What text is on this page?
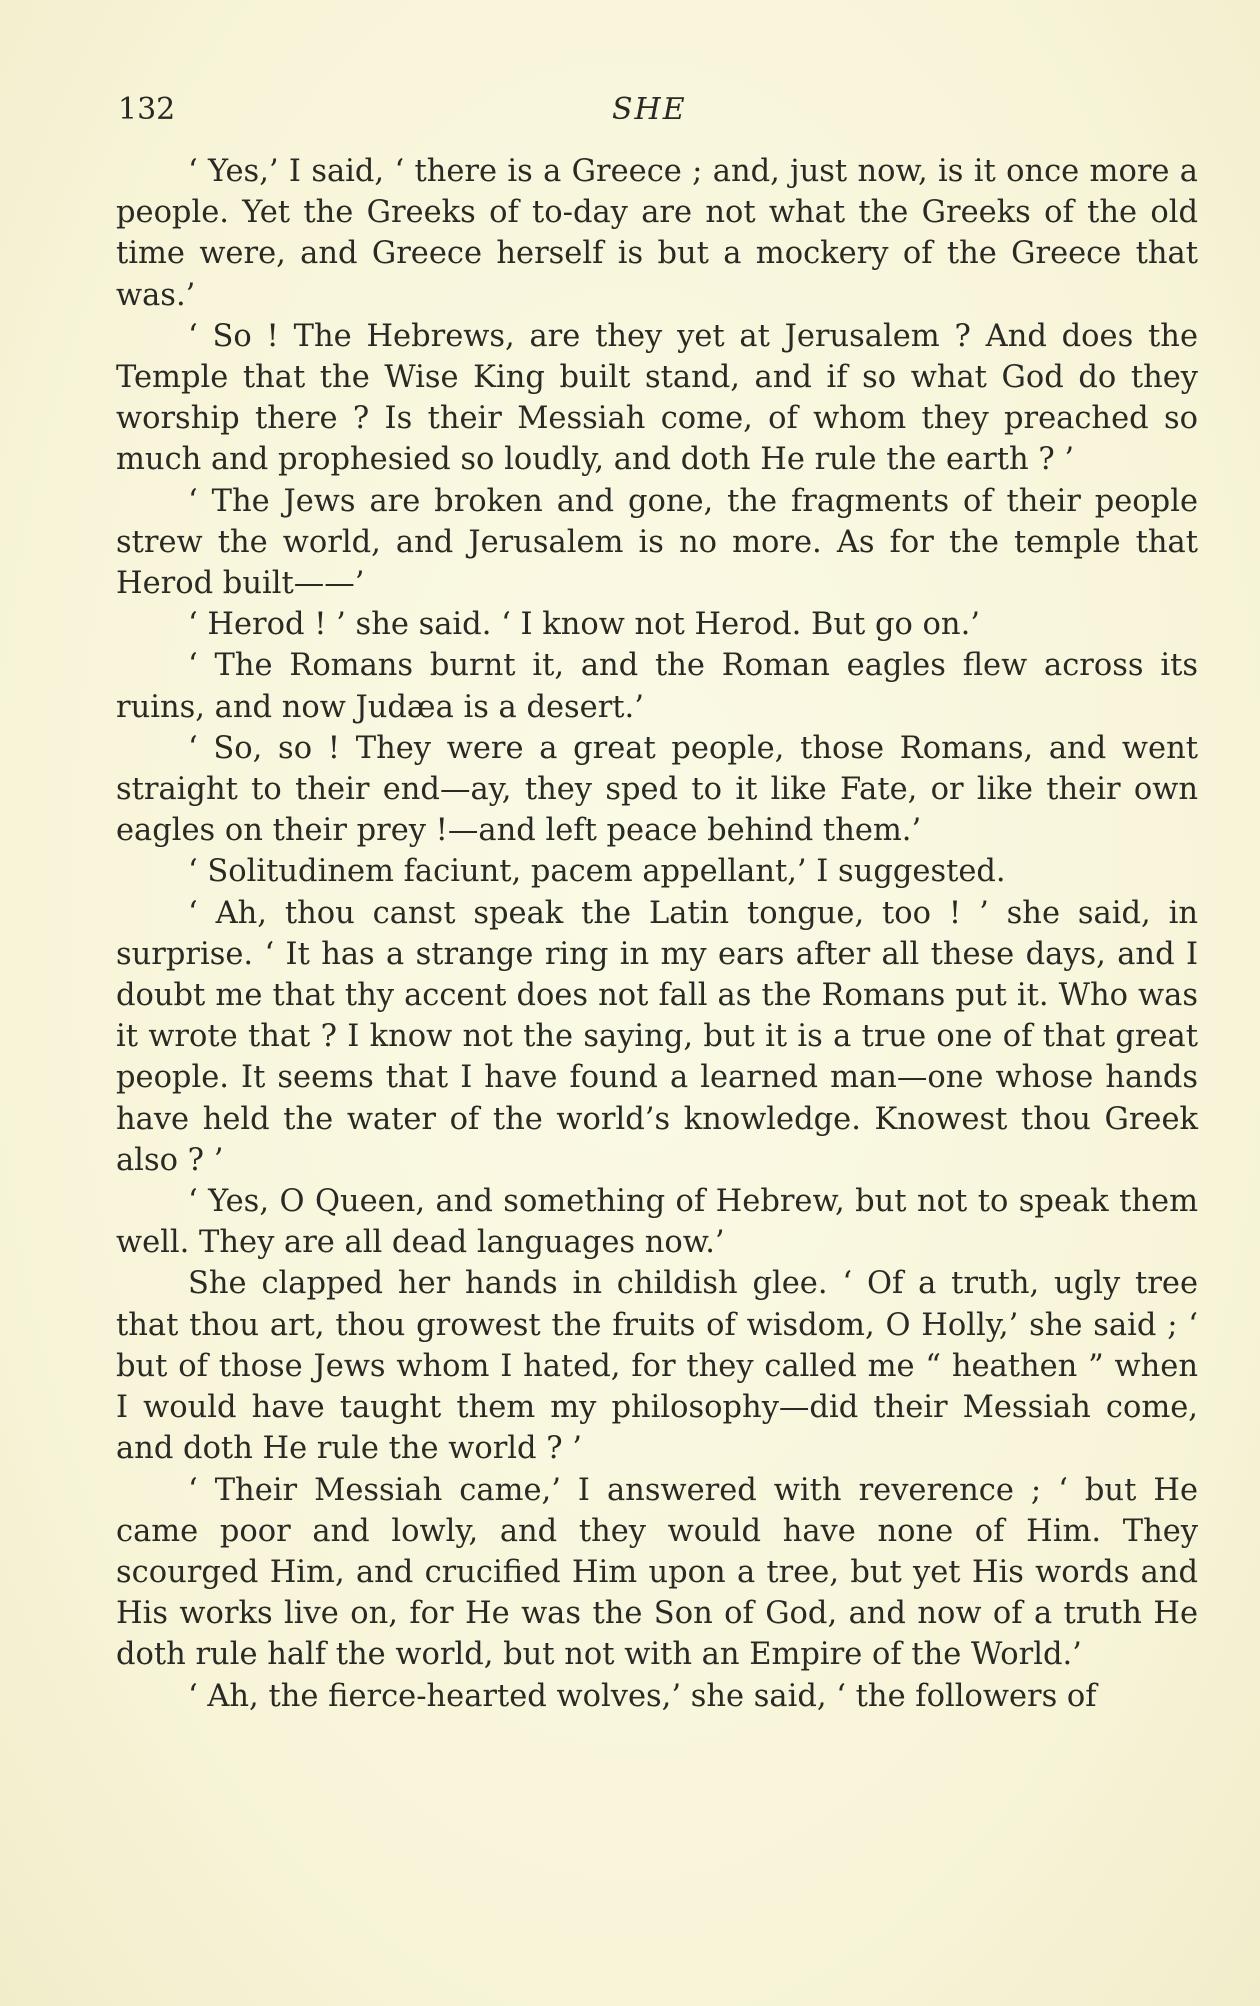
132	SHE

‘ Yes,’ I said, ‘ there is a Greece ; and, just now, is it once more a people. Yet the Greeks of to-day are not what the Greeks of the old time were, and Greece herself is but a mockery of the Greece that was.’

‘ So ! The Hebrews, are they yet at Jerusalem ? And does the Temple that the Wise King built stand, and if so what God do they worship there ? Is their Messiah come, of whom they preached so much and prophesied so loudly, and doth He rule the earth ? ’

‘ The Jews are broken and gone, the fragments of their people strew the world, and Jerusalem is no more. As for the temple that Herod built——’

‘ Herod ! ’ she said. ‘ I know not Herod. But go on.’

‘ The Romans burnt it, and the Roman eagles flew across its ruins, and now Judæa is a desert.’

‘ So, so ! They were a great people, those Romans, and went straight to their end—ay, they sped to it like Fate, or like their own eagles on their prey !—and left peace behind them.’

‘ Solitudinem faciunt, pacem appellant,’ I suggested.

‘ Ah, thou canst speak the Latin tongue, too ! ’ she said, in surprise. ‘ It has a strange ring in my ears after all these days, and I doubt me that thy accent does not fall as the Romans put it. Who was it wrote that ? I know not the saying, but it is a true one of that great people. It seems that I have found a learned man—one whose hands have held the water of the world’s knowledge. Knowest thou Greek also ? ’

‘ Yes, O Queen, and something of Hebrew, but not to speak them well. They are all dead languages now.’

She clapped her hands in childish glee. ‘ Of a truth, ugly tree that thou art, thou growest the fruits of wisdom, O Holly,’ she said ; ‘ but of those Jews whom I hated, for they called me “ heathen ” when I would have taught them my philosophy—did their Messiah come, and doth He rule the world ? ’

‘ Their Messiah came,’ I answered with reverence ; ‘ but He came poor and lowly, and they would have none of Him. They scourged Him, and crucified Him upon a tree, but yet His words and His works live on, for He was the Son of God, and now of a truth He doth rule half the world, but not with an Empire of the World.’

‘ Ah, the fierce-hearted wolves,’ she said, ‘ the followers of
